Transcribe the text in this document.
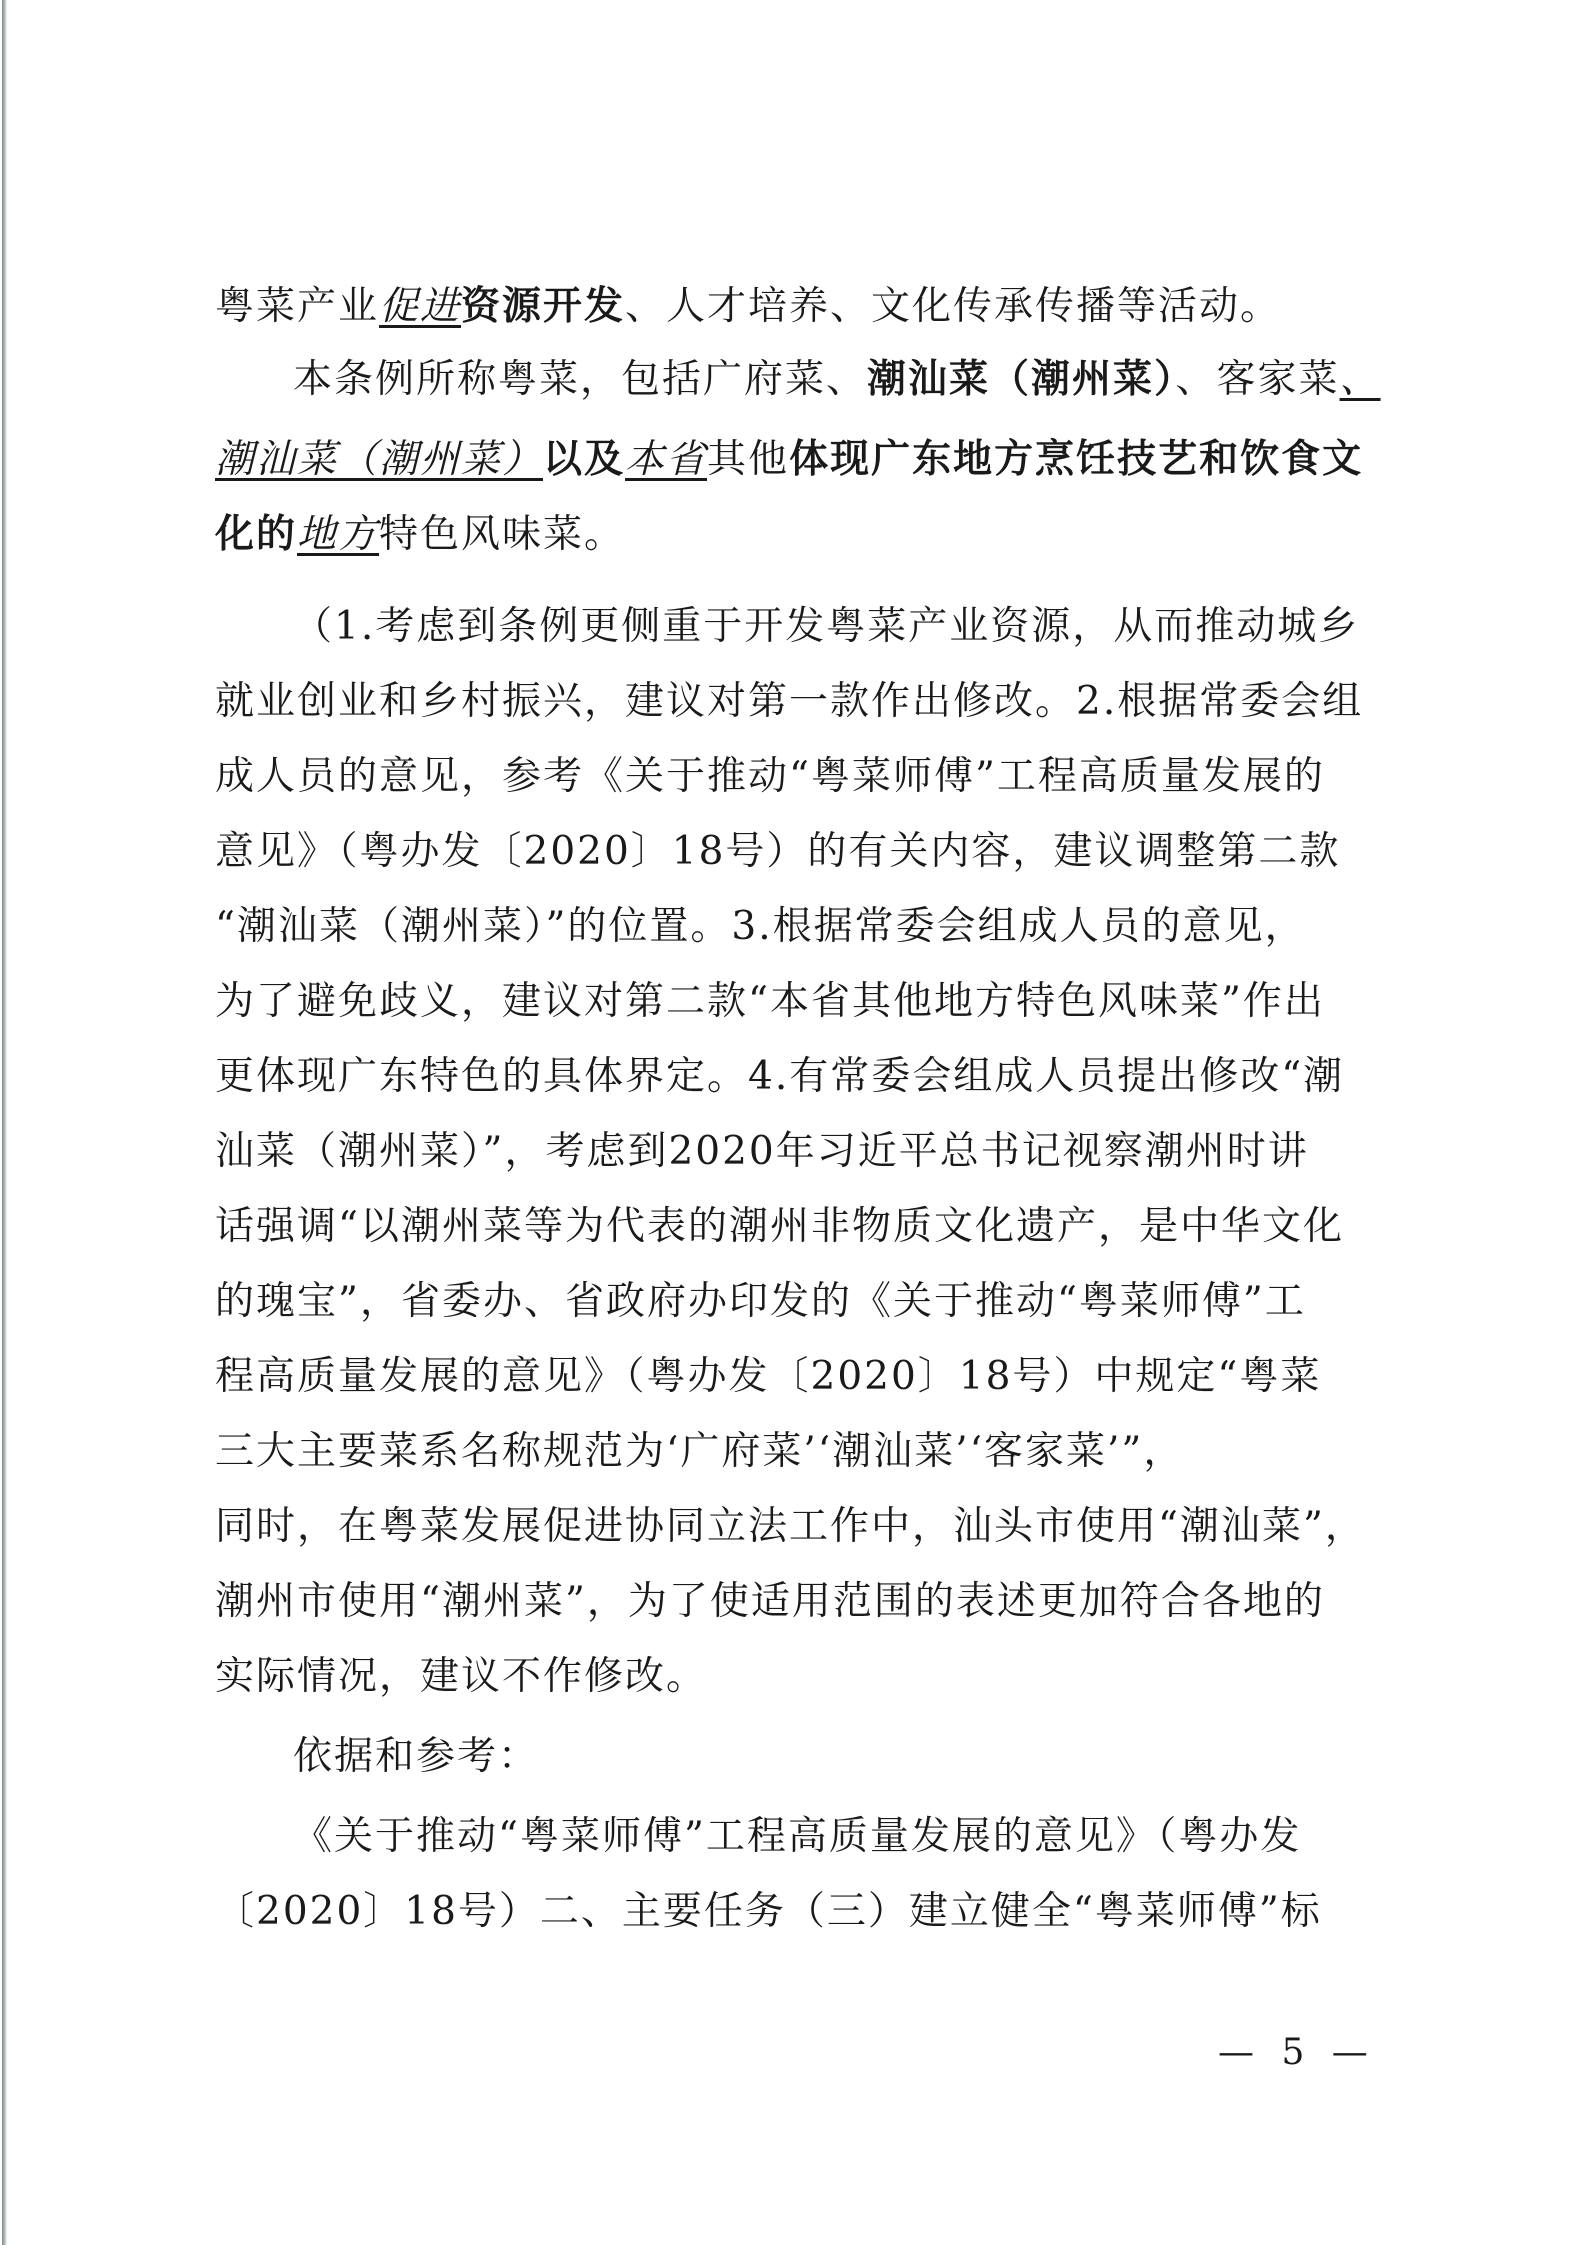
粤菜产业促进资源开发、人才培养、文化传承传播等活动。
本条例所称粤菜，包括广府菜、潮汕菜（潮州菜）、客家菜、
潮汕菜（潮州菜）以及本省其他体现广东地方烹饪技艺和饮食文
化的地方特色风味菜。
（1.考虑到条例更侧重于开发粤菜产业资源，从而推动城乡
就业创业和乡村振兴，建议对第一款作出修改。2.根据常委会组
成人员的意见，参考《关于推动“粤菜师傅”工程高质量发展的
意见》（粤办发〔2020〕18号）的有关内容，建议调整第二款
“潮汕菜（潮州菜）”的位置。3.根据常委会组成人员的意见，
为了避免歧义，建议对第二款“本省其他地方特色风味菜”作出
更体现广东特色的具体界定。4.有常委会组成人员提出修改“潮
汕菜（潮州菜）”，考虑到2020年习近平总书记视察潮州时讲
话强调“以潮州菜等为代表的潮州非物质文化遗产，是中华文化
的瑰宝”，省委办、省政府办印发的《关于推动“粤菜师傅”工
程高质量发展的意见》（粤办发〔2020〕18号）中规定“粤菜
三大主要菜系名称规范为‘广府菜’‘潮汕菜’‘客家菜’”，
同时，在粤菜发展促进协同立法工作中，汕头市使用“潮汕菜”，
潮州市使用“潮州菜”，为了使适用范围的表述更加符合各地的
实际情况，建议不作修改。
依据和参考：
《关于推动“粤菜师傅”工程高质量发展的意见》（粤办发
〔2020〕18号）二、主要任务（三）建立健全“粤菜师傅”标
— 5 —
